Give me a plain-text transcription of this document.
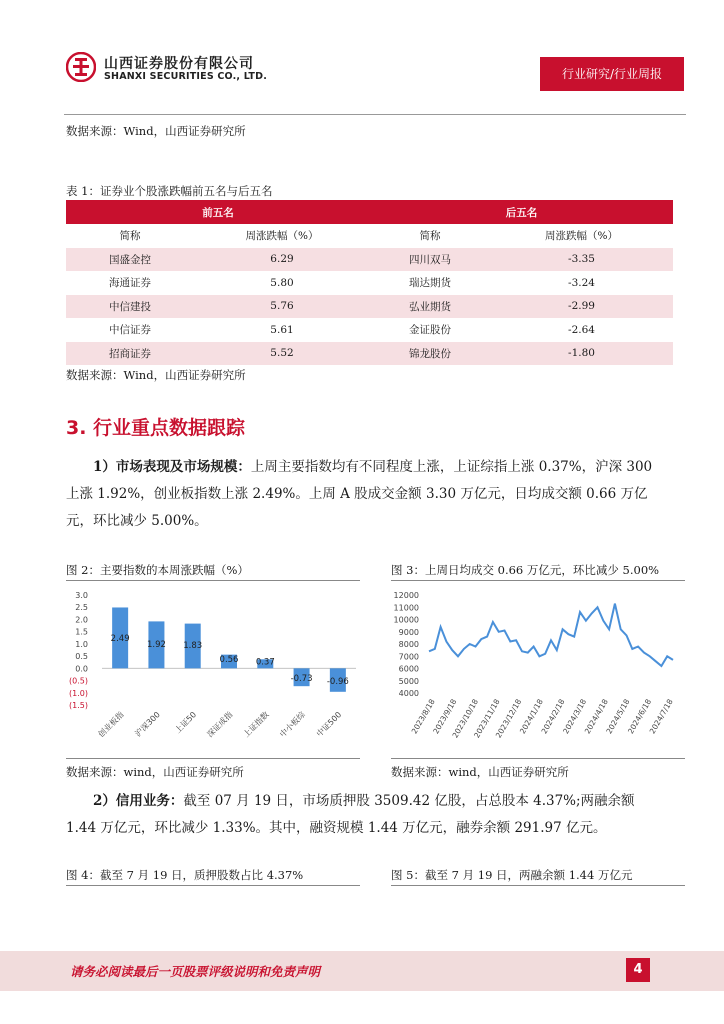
山西证券股份有限公司
SHANXI SECURITIES CO., LTD.	行业研究/行业周报
数据来源：Wind，山西证券研究所
表 1：证券业个股涨跌幅前五名与后五名
前五名		后五名	
简称	周涨跌幅（%）	简称	周涨跌幅（%）
国盛金控	6.29	四川双马	-3.35
海通证券	5.80	瑞达期货	-3.24
中信建投	5.76	弘业期货	-2.99
中信证券	5.61	金证股份	-2.64
招商证券	5.52	锦龙股份	-1.80
数据来源：Wind，山西证券研究所
3. 行业重点数据跟踪
1）市场表现及市场规模：上周主要指数均有不同程度上涨，上证综指上涨 0.37%，沪深 300 上涨 1.92%，创业板指数上涨 2.49%。上周 A 股成交金额 3.30 万亿元，日均成交额 0.66 万亿元，环比减少 5.00%。
图 2：主要指数的本周涨跌幅（%）	图 3：上周日均成交 0.66 万亿元，环比减少 5.00%
3.0
2.5
2.0
1.5
1.0
0.5
0.0
(0.5)
(1.0)
(1.5)
2.49
创业板指
1.92
沪深300
1.83
上证50
0.56
深证成指
0.37
上证指数
-0.73
中小板综
-0.96
中证500
12000
11000
10000
9000
8000
7000
6000
5000
4000
2023/8/18
2023/9/18
2023/10/18
2023/11/18
2023/12/18
2024/1/18
2024/2/18
2024/3/18
2024/4/18
2024/5/18
2024/6/18
2024/7/18
数据来源：wind，山西证券研究所	数据来源：wind，山西证券研究所
2）信用业务：截至 07 月 19 日，市场质押股 3509.42 亿股，占总股本 4.37%;两融余额 1.44 万亿元，环比减少 1.33%。其中，融资规模 1.44 万亿元，融券余额 291.97 亿元。
图 4：截至 7 月 19 日，质押股数占比 4.37%	图 5：截至 7 月 19 日，两融余额 1.44 万亿元
请务必阅读最后一页股票评级说明和免责声明	4
